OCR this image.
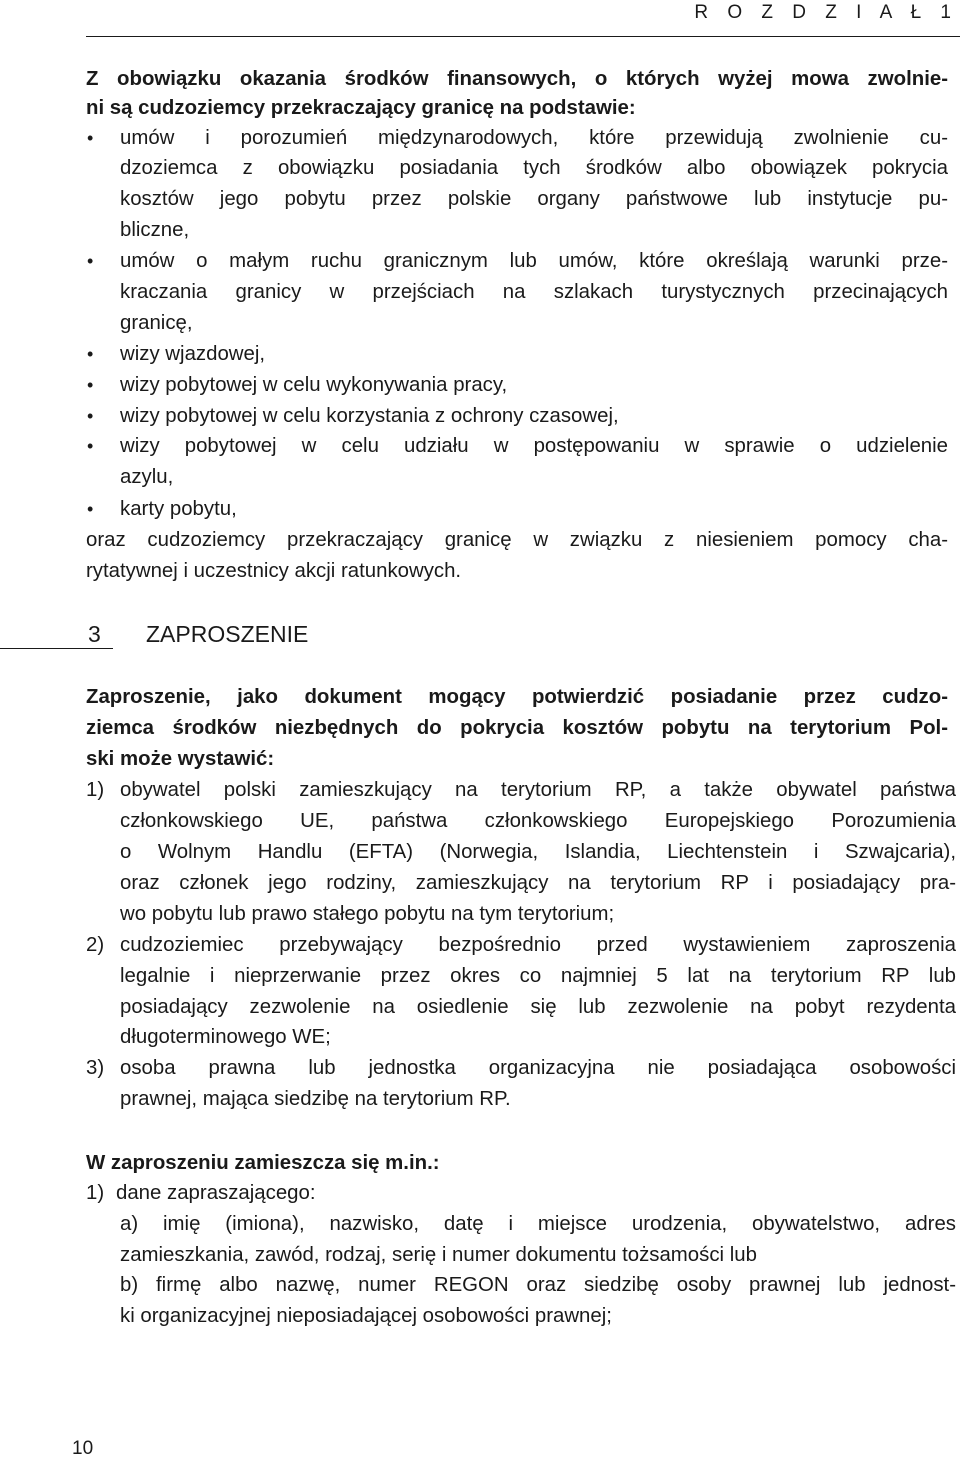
R O Z D Z I A Ł 1
Z obowiązku okazania środków finansowych, o których wyżej mowa zwolnie-
ni są cudzoziemcy przekraczający granicę na podstawie:
• umów i porozumień międzynarodowych, które przewidują zwolnienie cu-
dzoziemca z obowiązku posiadania tych środków albo obowiązek pokrycia
kosztów jego pobytu przez polskie organy państwowe lub instytucje pu-
bliczne,
• umów o małym ruchu granicznym lub umów, które określają warunki prze-
kraczania granicy w przejściach na szlakach turystycznych przecinających
granicę,
• wizy wjazdowej,
• wizy pobytowej w celu wykonywania pracy,
• wizy pobytowej w celu korzystania z ochrony czasowej,
• wizy pobytowej w celu udziału w postępowaniu w sprawie o udzielenie
azylu,
• karty pobytu,
oraz cudzoziemcy przekraczający granicę w związku z niesieniem pomocy cha-
rytatywnej i uczestnicy akcji ratunkowych.
3 ZAPROSZENIE
Zaproszenie, jako dokument mogący potwierdzić posiadanie przez cudzo-
ziemca środków niezbędnych do pokrycia kosztów pobytu na terytorium Pol-
ski może wystawić:
1) obywatel polski zamieszkujący na terytorium RP, a także obywatel państwa
członkowskiego UE, państwa członkowskiego Europejskiego Porozumienia
o Wolnym Handlu (EFTA) (Norwegia, Islandia, Liechtenstein i Szwajcaria),
oraz członek jego rodziny, zamieszkujący na terytorium RP i posiadający pra-
wo pobytu lub prawo stałego pobytu na tym terytorium;
2) cudzoziemiec przebywający bezpośrednio przed wystawieniem zaproszenia
legalnie i nieprzerwanie przez okres co najmniej 5 lat na terytorium RP lub
posiadający zezwolenie na osiedlenie się lub zezwolenie na pobyt rezydenta
długoterminowego WE;
3) osoba prawna lub jednostka organizacyjna nie posiadająca osobowości
prawnej, mająca siedzibę na terytorium RP.
W zaproszeniu zamieszcza się m.in.:
1) dane zapraszającego:
a) imię (imiona), nazwisko, datę i miejsce urodzenia, obywatelstwo, adres
zamieszkania, zawód, rodzaj, serię i numer dokumentu tożsamości lub
b) firmę albo nazwę, numer REGON oraz siedzibę osoby prawnej lub jednost-
ki organizacyjnej nieposiadającej osobowości prawnej;
10
